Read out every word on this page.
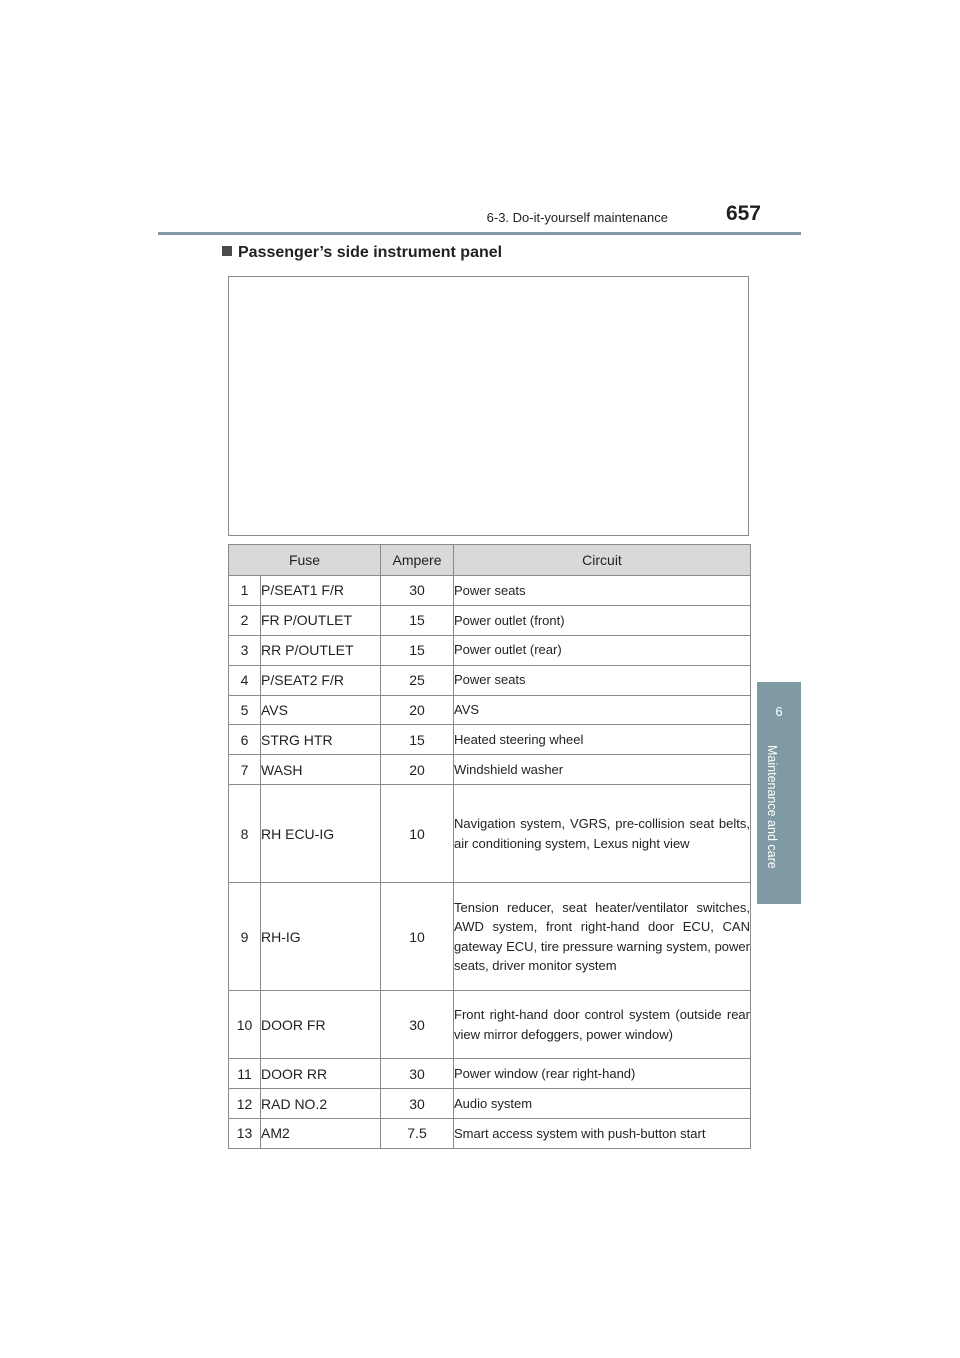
6-3. Do-it-yourself maintenance	657
6
Maintenance and care
Passenger’s side instrument panel
Fuse		Ampere	Circuit
1	P/SEAT1 F/R	30	Power seats
2	FR P/OUTLET	15	Power outlet (front)
3	RR P/OUTLET	15	Power outlet (rear)
4	P/SEAT2 F/R	25	Power seats
5	AVS	20	AVS
6	STRG HTR	15	Heated steering wheel
7	WASH	20	Windshield washer
8	RH ECU-IG	10	Navigation system, VGRS, pre-collision seat belts, air conditioning system, Lexus night view
9	RH-IG	10	Tension reducer, seat heater/ventilator switches, AWD system, front right-hand door ECU, CAN gateway ECU, tire pressure warning system, power seats, driver monitor system
10	DOOR FR	30	Front right-hand door control system (outside rear view mirror defoggers, power window)
11	DOOR RR	30	Power window (rear right-hand)
12	RAD NO.2	30	Audio system
13	AM2	7.5	Smart access system with push-button start
